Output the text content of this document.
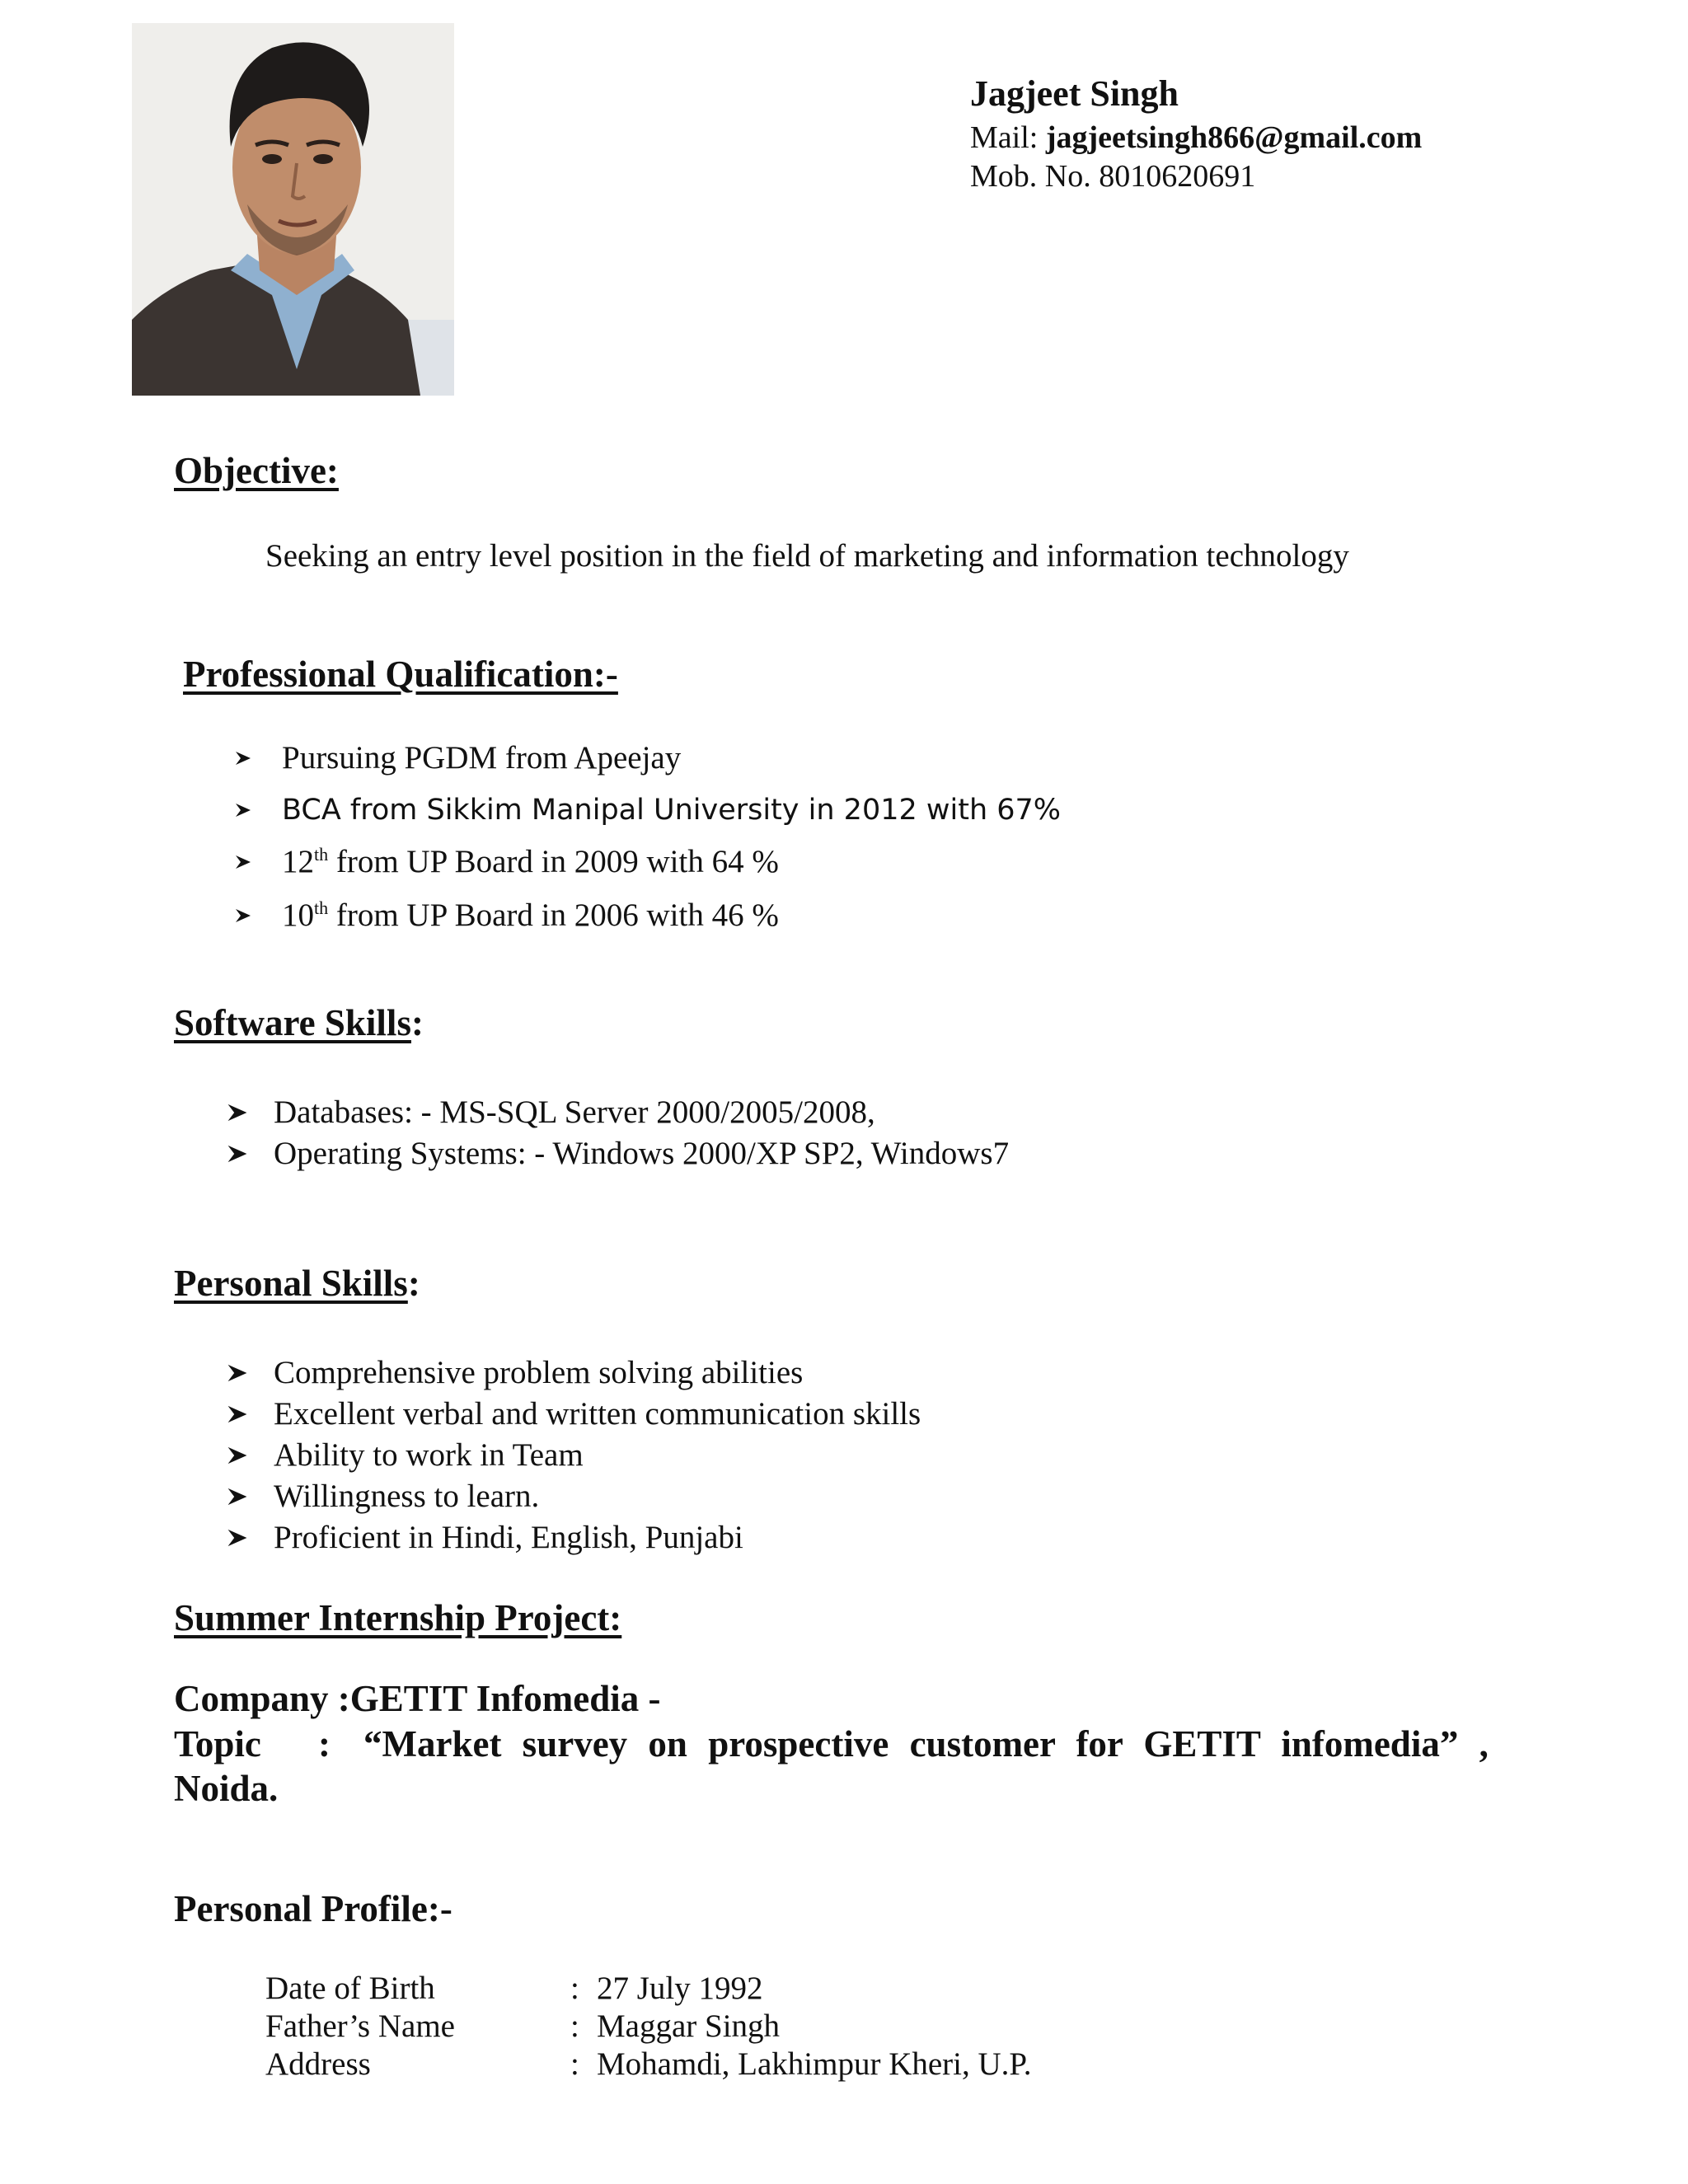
Jagjeet Singh
Mail: jagjeetsingh866@gmail.com
Mob. No. 8010620691
Objective:
Seeking an entry level position in the field of marketing and information technology
Professional Qualification:-
Pursuing PGDM from Apeejay
BCA from Sikkim Manipal University in 2012 with 67%
12th from UP Board in 2009 with 64 %
10th from UP Board in 2006 with 46 %
Software Skills:
Databases: - MS-SQL Server 2000/2005/2008,
Operating Systems: - Windows 2000/XP SP2, Windows7
Personal Skills:
Comprehensive problem solving abilities
Excellent verbal and written communication skills
Ability to work in Team
Willingness to learn.
Proficient in Hindi, English, Punjabi
Summer Internship Project:
Company :GETIT Infomedia -
Topic	: “Market survey on prospective customer for GETIT infomedia” ,
Noida.
Personal Profile:-
Date of Birth	: 27 July 1992
Father’s Name	: Maggar Singh
Address	: Mohamdi, Lakhimpur Kheri, U.P.
